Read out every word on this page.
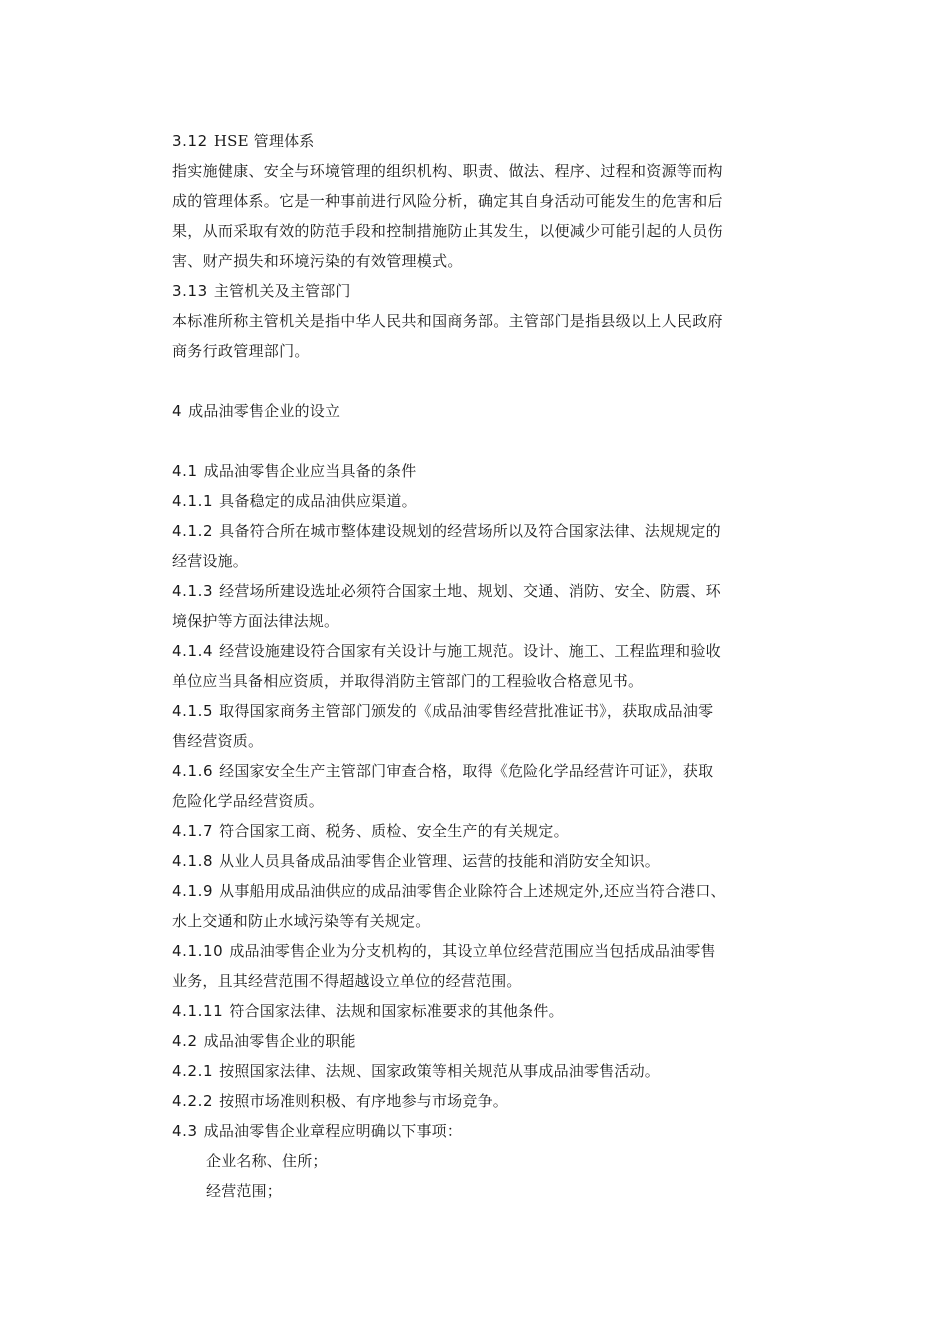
3.12 HSE 管理体系
指实施健康、安全与环境管理的组织机构、职责、做法、程序、过程和资源等而构
成的管理体系。它是一种事前进行风险分析，确定其自身活动可能发生的危害和后
果，从而采取有效的防范手段和控制措施防止其发生，以便减少可能引起的人员伤
害、财产损失和环境污染的有效管理模式。
3.13 主管机关及主管部门
本标准所称主管机关是指中华人民共和国商务部。主管部门是指县级以上人民政府
商务行政管理部门。
4 成品油零售企业的设立
4.1 成品油零售企业应当具备的条件
4.1.1 具备稳定的成品油供应渠道。
4.1.2 具备符合所在城市整体建设规划的经营场所以及符合国家法律、法规规定的
经营设施。
4.1.3 经营场所建设选址必须符合国家土地、规划、交通、消防、安全、防震、环
境保护等方面法律法规。
4.1.4 经营设施建设符合国家有关设计与施工规范。设计、施工、工程监理和验收
单位应当具备相应资质，并取得消防主管部门的工程验收合格意见书。
4.1.5 取得国家商务主管部门颁发的《成品油零售经营批准证书》，获取成品油零
售经营资质。
4.1.6 经国家安全生产主管部门审查合格，取得《危险化学品经营许可证》，获取
危险化学品经营资质。
4.1.7 符合国家工商、税务、质检、安全生产的有关规定。
4.1.8 从业人员具备成品油零售企业管理、运营的技能和消防安全知识。
4.1.9 从事船用成品油供应的成品油零售企业除符合上述规定外,还应当符合港口、
水上交通和防止水域污染等有关规定。
4.1.10 成品油零售企业为分支机构的，其设立单位经营范围应当包括成品油零售
业务，且其经营范围不得超越设立单位的经营范围。
4.1.11 符合国家法律、法规和国家标准要求的其他条件。
4.2 成品油零售企业的职能
4.2.1 按照国家法律、法规、国家政策等相关规范从事成品油零售活动。
4.2.2 按照市场准则积极、有序地参与市场竞争。
4.3 成品油零售企业章程应明确以下事项：
企业名称、住所；
经营范围；
